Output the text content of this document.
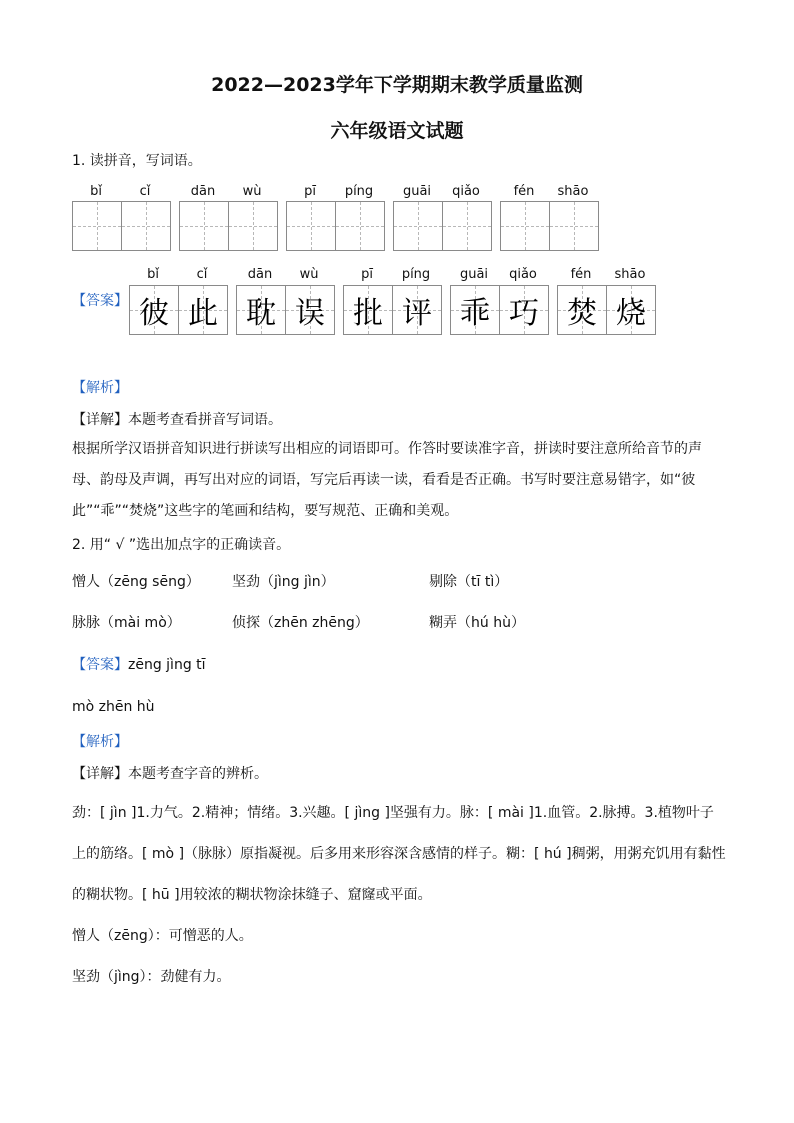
2022—2023学年下学期期末教学质量监测
六年级语文试题
1. 读拼音，写词语。
bǐ	cǐ	dān	wù	pī	píng	guāi	qiǎo	fén	shāo
【答案】
bǐ	cǐ
彼 此
dān	wù
耽 误
pī	píng
批 评
guāi	qiǎo
乖 巧
fén	shāo
焚 烧
【解析】
【详解】本题考查看拼音写词语。
根据所学汉语拼音知识进行拼读写出相应的词语即可。作答时要读准字音，拼读时要注意所给音节的声
母、韵母及声调，再写出对应的词语，写完后再读一读，看看是否正确。书写时要注意易错字，如“彼
此”“乖”“焚烧”这些字的笔画和结构，要写规范、正确和美观。
2. 用“ √ ”选出加点字的正确读音。
憎人（zēng sēng） 坚劲（jìng jìn）	剔除（tī tì）
脉脉（mài mò）	侦探（zhēn zhēng）	糊弄（hú hù）
【答案】zēng jìng tī
mò zhēn hù
【解析】
【详解】本题考查字音的辨析。
劲：[ jìn ]1.力气。2.精神；情绪。3.兴趣。[ jìng ]坚强有力。脉：[ mài ]1.血管。2.脉搏。3.植物叶子
上的筋络。[ mò ]（脉脉）原指凝视。后多用来形容深含感情的样子。糊：[ hú ]稠粥，用粥充饥用有黏性
的糊状物。[ hū ]用较浓的糊状物涂抹缝子、窟窿或平面。
憎人（zēng）：可憎恶的人。
坚劲（jìng）：劲健有力。
